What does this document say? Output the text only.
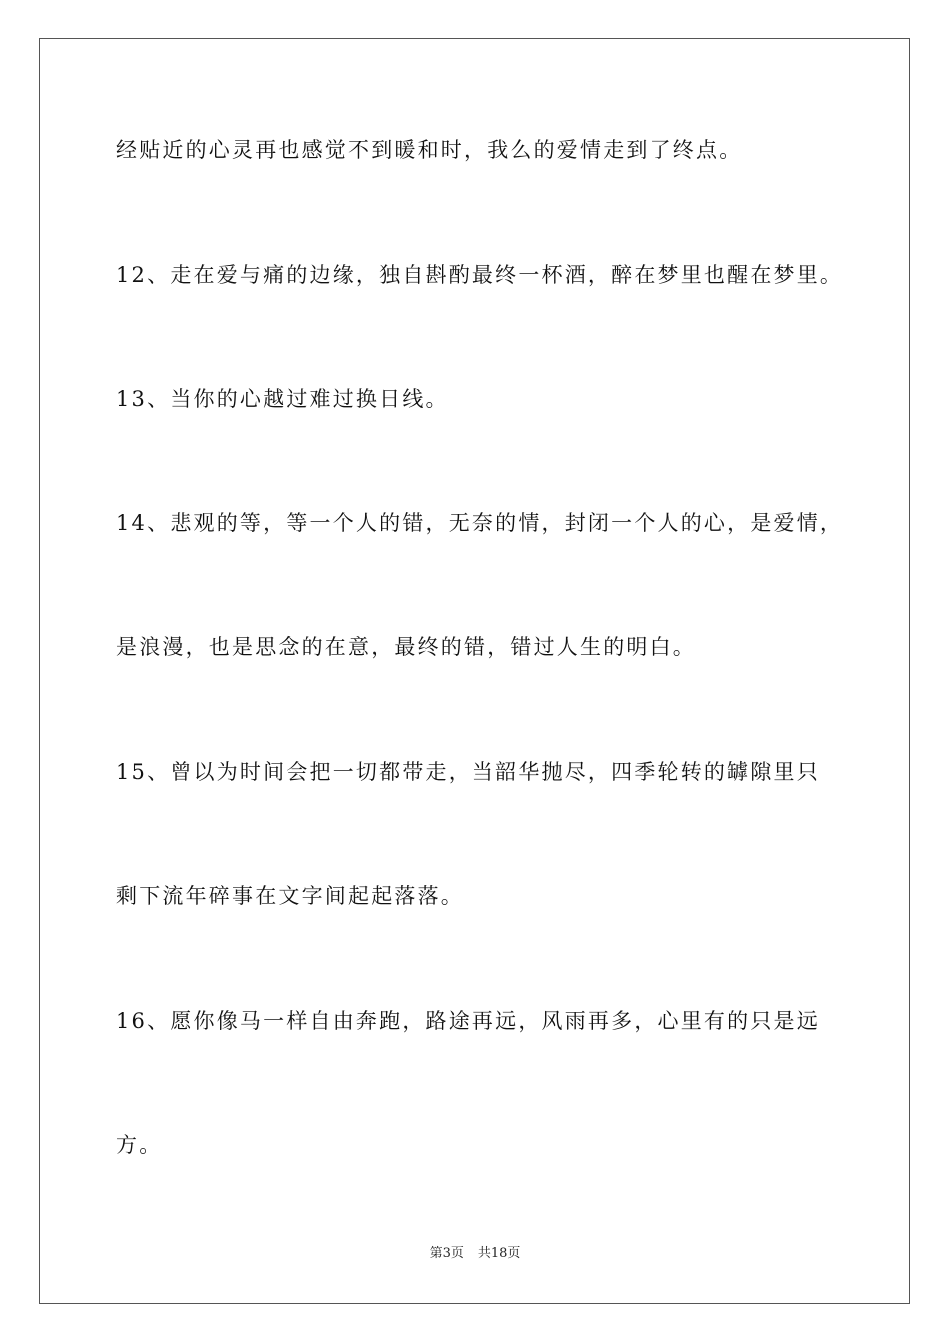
经贴近的心灵再也感觉不到暖和时，我么的爱情走到了终点。
12、走在爱与痛的边缘，独自斟酌最终一杯酒，醉在梦里也醒在梦里。
13、当你的心越过难过换日线。
14、悲观的等，等一个人的错，无奈的情，封闭一个人的心，是爱情，
是浪漫，也是思念的在意，最终的错，错过人生的明白。
15、曾以为时间会把一切都带走，当韶华抛尽，四季轮转的罅隙里只
剩下流年碎事在文字间起起落落。
16、愿你像马一样自由奔跑，路途再远，风雨再多，心里有的只是远
方。
第3页 共18页
